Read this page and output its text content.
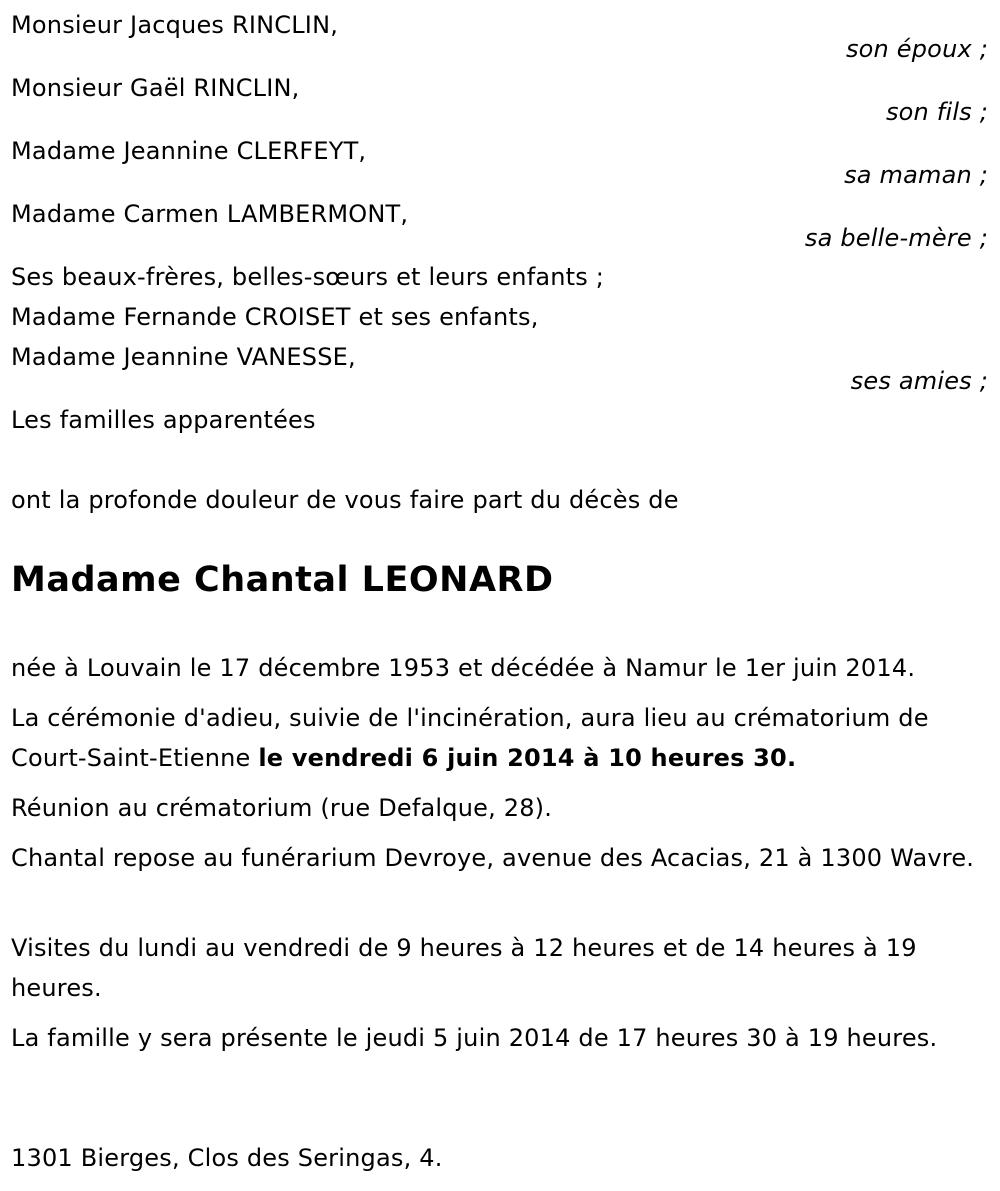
Monsieur Jacques RINCLIN,
son époux ;
Monsieur Gaël RINCLIN,
son fils ;
Madame Jeannine CLERFEYT,
sa maman ;
Madame Carmen LAMBERMONT,
sa belle-mère ;
Ses beaux-frères, belles-sœurs et leurs enfants ;
Madame Fernande CROISET et ses enfants,
Madame Jeannine VANESSE,
ses amies ;
Les familles apparentées
ont la profonde douleur de vous faire part du décès de
Madame Chantal LEONARD
née à Louvain le 17 décembre 1953 et décédée à Namur le 1er juin 2014.
La cérémonie d'adieu, suivie de l'incinération, aura lieu au crématorium de Court-Saint-Etienne le vendredi 6 juin 2014 à 10 heures 30.
Réunion au crématorium (rue Defalque, 28).
Chantal repose au funérarium Devroye, avenue des Acacias, 21 à 1300 Wavre.
Visites du lundi au vendredi de 9 heures à 12 heures et de 14 heures à 19 heures.
La famille y sera présente le jeudi 5 juin 2014 de 17 heures 30 à 19 heures.
1301 Bierges, Clos des Seringas, 4.
